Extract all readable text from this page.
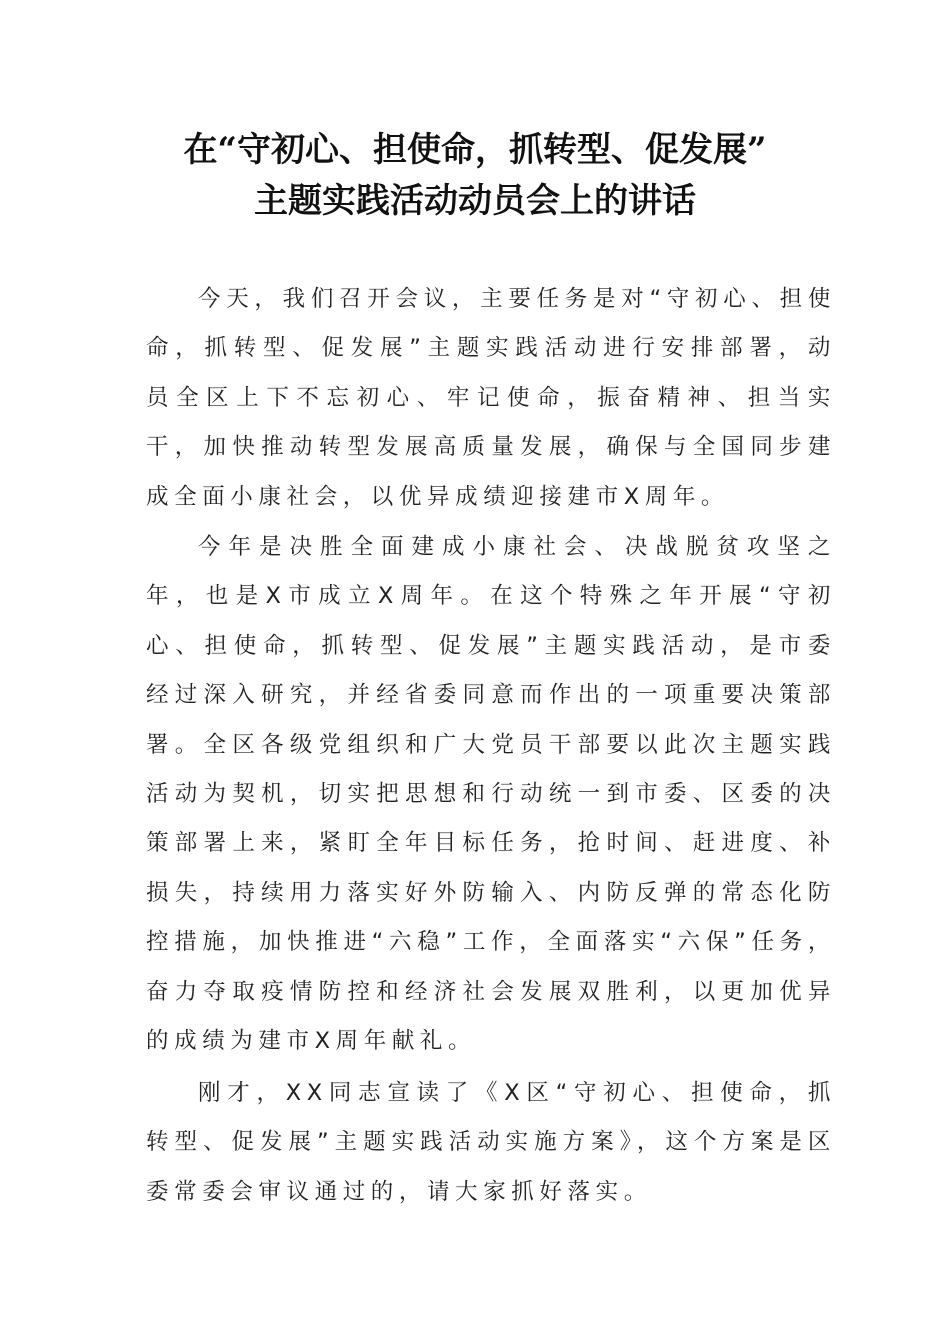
在“守初心、担使命，抓转型、促发展”
主题实践活动动员会上的讲话

今天，我们召开会议，主要任务是对“守初心、担使命，抓转型、促发展”主题实践活动进行安排部署，动员全区上下不忘初心、牢记使命，振奋精神、担当实干，加快推动转型发展高质量发展，确保与全国同步建成全面小康社会，以优异成绩迎接建市X周年。

今年是决胜全面建成小康社会、决战脱贫攻坚之年，也是X市成立X周年。在这个特殊之年开展“守初心、担使命，抓转型、促发展”主题实践活动，是市委经过深入研究，并经省委同意而作出的一项重要决策部署。全区各级党组织和广大党员干部要以此次主题实践活动为契机，切实把思想和行动统一到市委、区委的决策部署上来，紧盯全年目标任务，抢时间、赶进度、补损失，持续用力落实好外防输入、内防反弹的常态化防控措施，加快推进“六稳”工作，全面落实“六保”任务，奋力夺取疫情防控和经济社会发展双胜利，以更加优异的成绩为建市X周年献礼。

刚才，XX同志宣读了《X区“守初心、担使命，抓转型、促发展”主题实践活动实施方案》，这个方案是区委常委会审议通过的，请大家抓好落实。
